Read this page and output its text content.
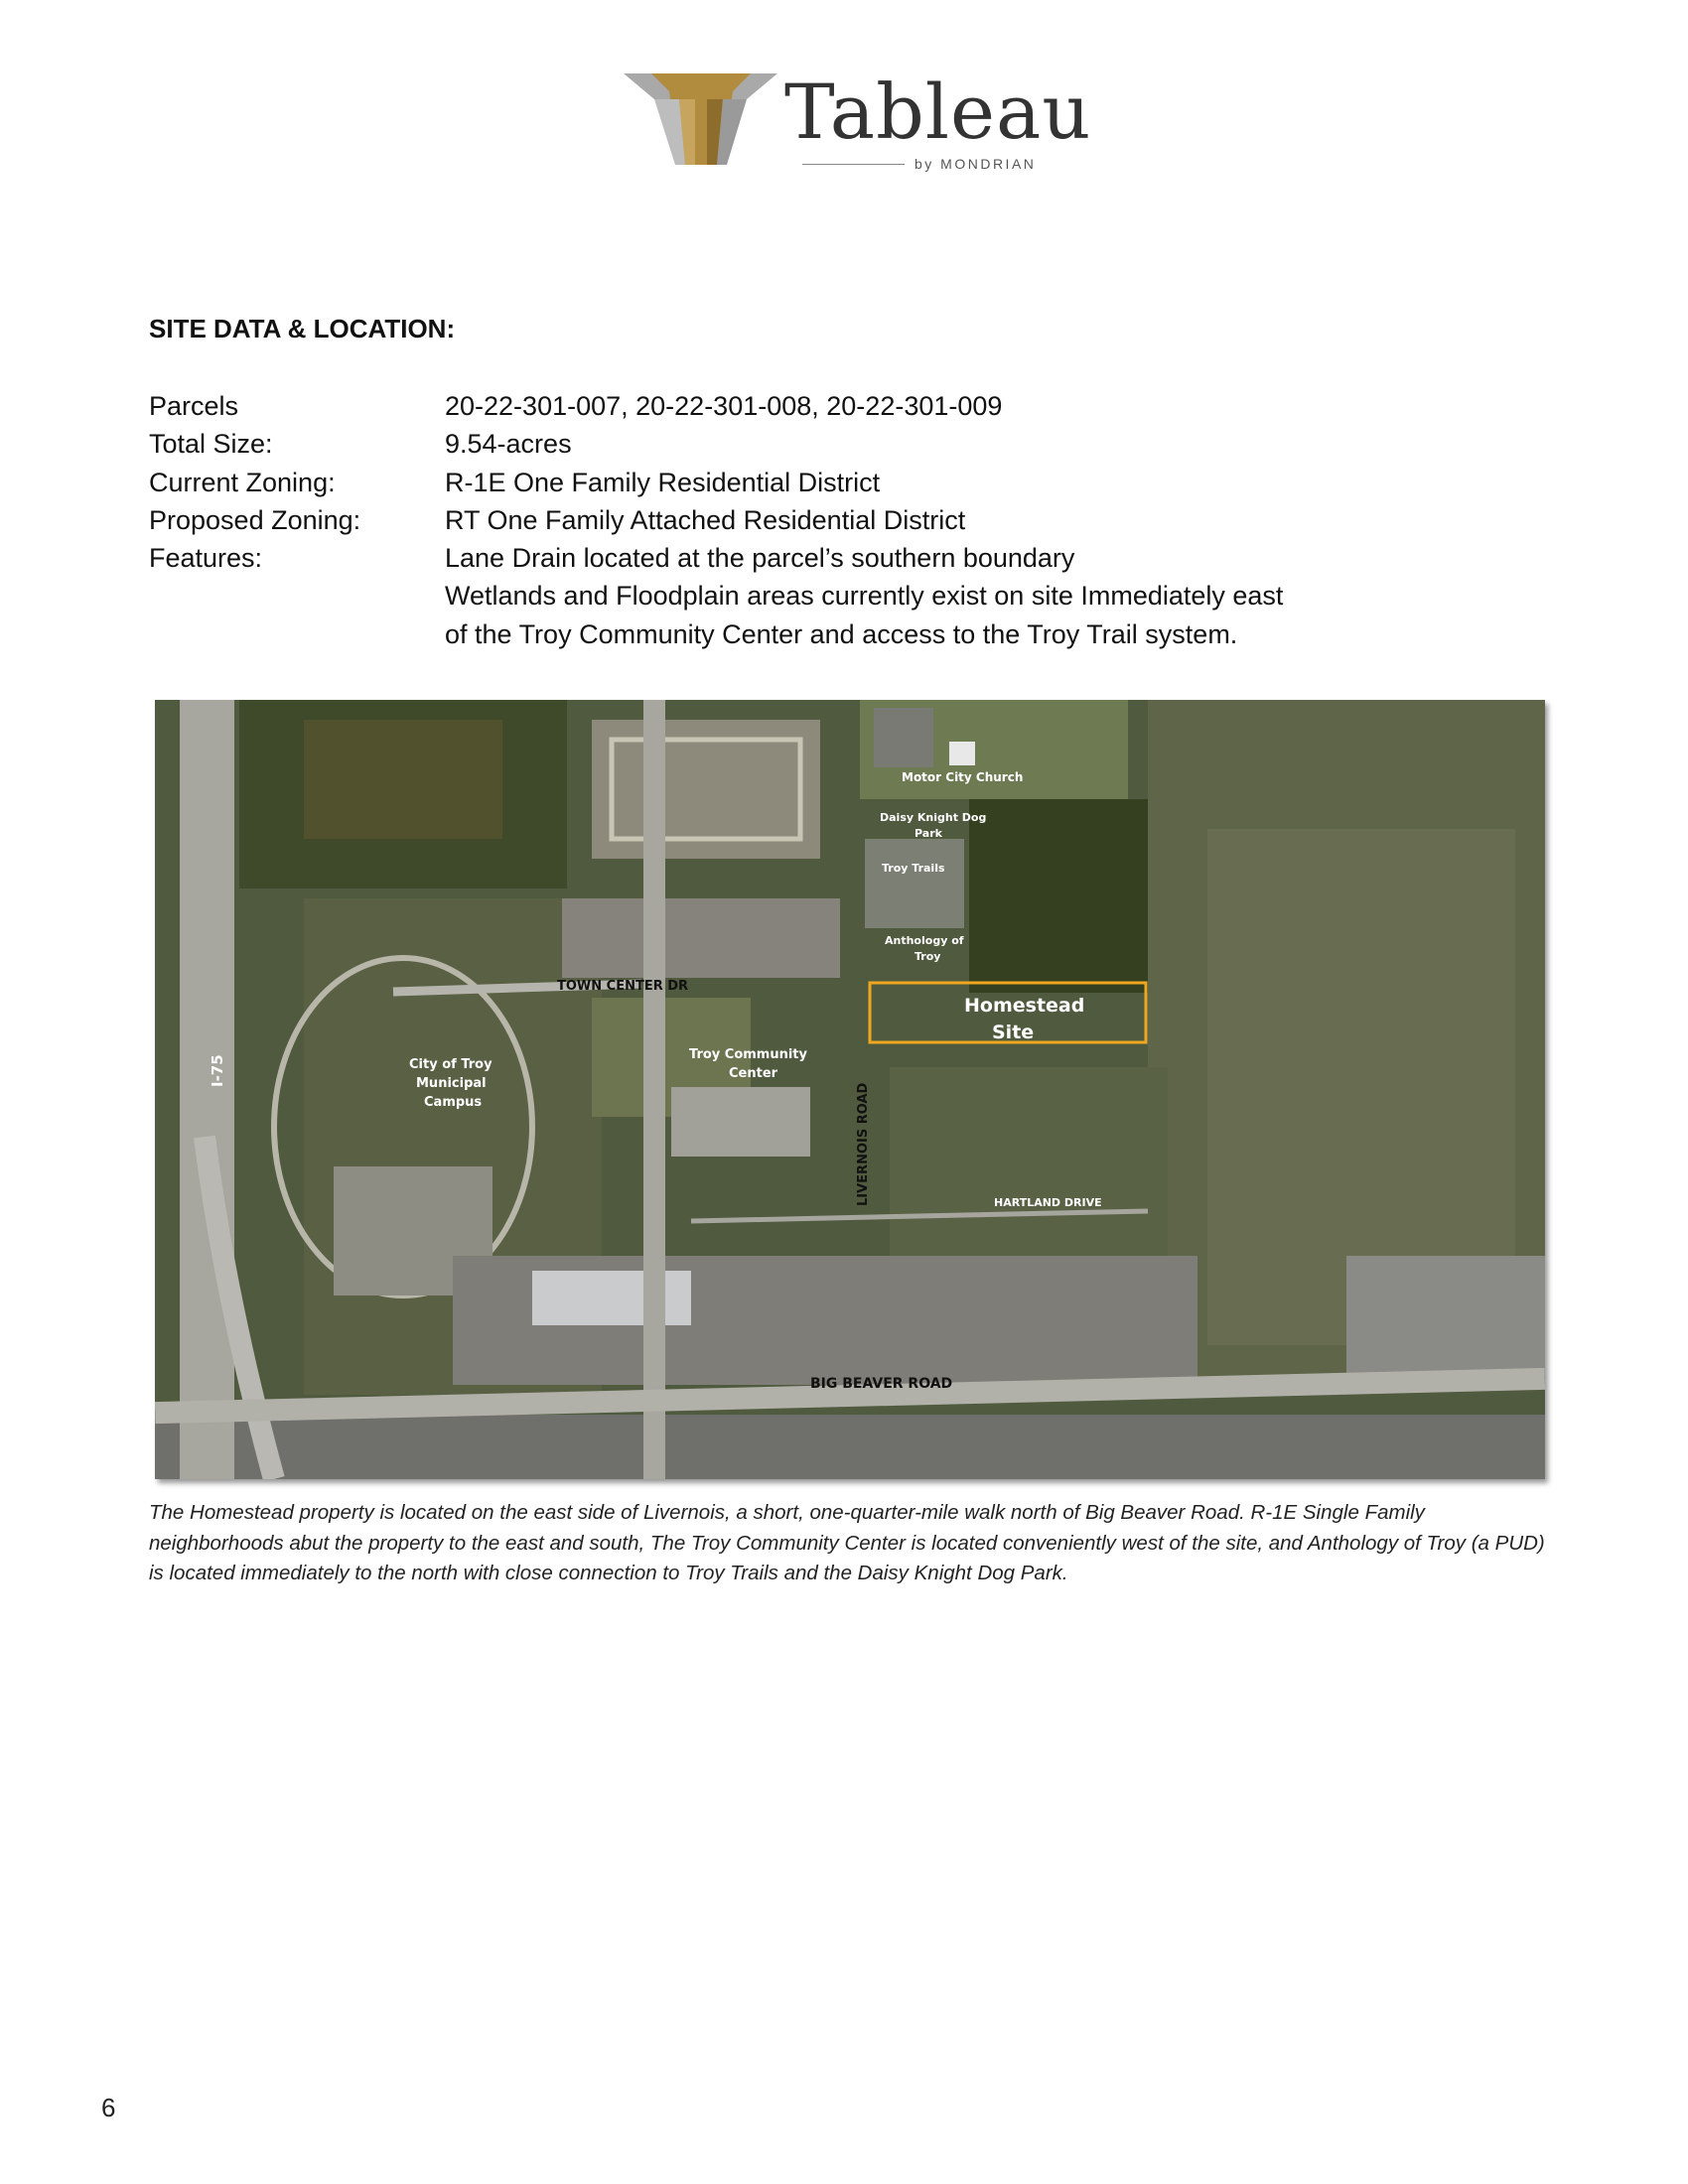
Tableau
by MONDRIAN
SITE DATA & LOCATION:
Parcels	20-22-301-007, 20-22-301-008, 20-22-301-009
Total Size:	9.54-acres
Current Zoning:	R-1E One Family Residential District
Proposed Zoning:	RT One Family Attached Residential District
Features:	Lane Drain located at the parcel’s southern boundary
Wetlands and Floodplain areas currently exist on site Immediately east
of the Troy Community Center and access to the Troy Trail system.
Motor City Church
Daisy Knight Dog
Park
Troy Trails
Anthology of
Troy
TOWN CENTER DR
Homestead
Site
City of Troy
Municipal
Campus
Troy Community
Center
LIVERNOIS ROAD
I-75
HARTLAND DRIVE
BIG BEAVER ROAD
The Homestead property is located on the east side of Livernois, a short, one-quarter-mile walk north of Big Beaver Road. R-1E Single Family neighborhoods abut the property to the east and south, The Troy Community Center is located conveniently west of the site, and Anthology of Troy (a PUD) is located immediately to the north with close connection to Troy Trails and the Daisy Knight Dog Park.
6
